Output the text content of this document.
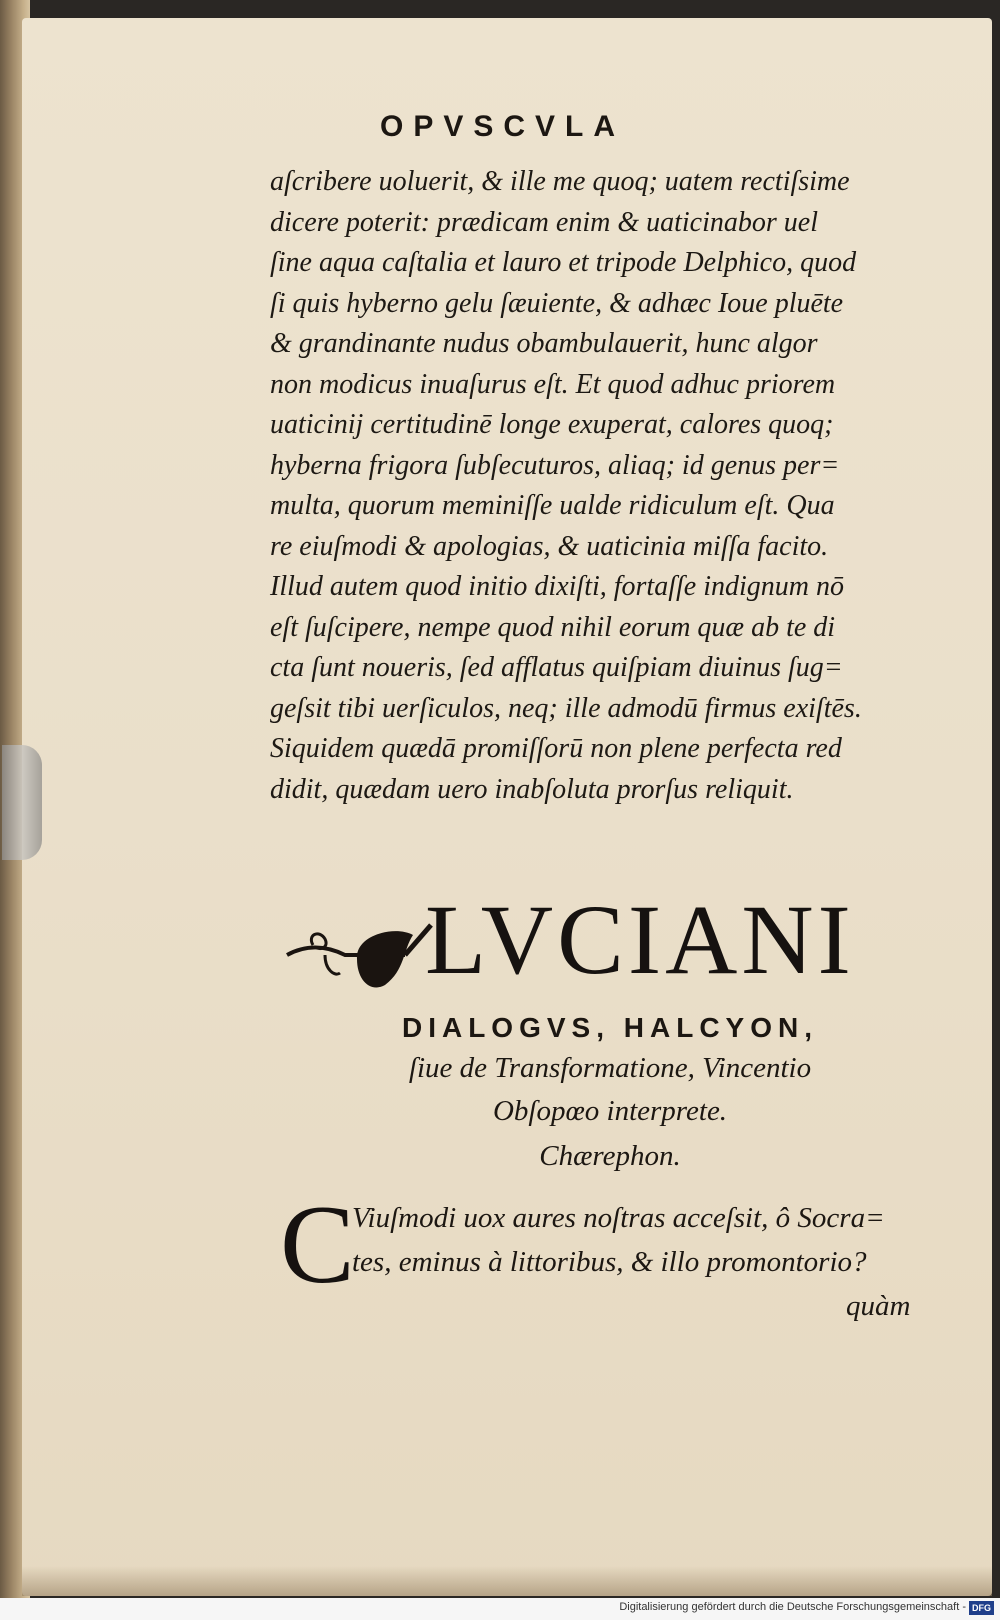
OPVSCVLA
aſcribere uoluerit, & ille me quoq; uatem rectiſsime
dicere poterit: prædicam enim & uaticinabor uel
ſine aqua caſtalia et lauro et tripode Delphico, quod
ſi quis hyberno gelu ſæuiente, & adhæc Ioue pluēte
& grandinante nudus obambulauerit, hunc algor
non modicus inuaſurus eſt. Et quod adhuc priorem
uaticinij certitudinē longe exuperat, calores quoq;
hyberna frigora ſubſecuturos, aliaq; id genus per=
multa, quorum meminiſſe ualde ridiculum eſt. Qua
re eiuſmodi & apologias, & uaticinia miſſa facito.
Illud autem quod initio dixiſti, fortaſſe indignum nō
eſt ſuſcipere, nempe quod nihil eorum quæ ab te di
cta ſunt noueris, ſed afflatus quiſpiam diuinus ſug=
geſsit tibi uerſiculos, neq; ille admodū firmus exiſtēs.
Siquidem quædā promiſſorū non plene perfecta red
didit, quædam uero inabſoluta prorſus reliquit.
LVCIANI
DIALOGVS, HALCYON,
ſiue de Transformatione, Vincentio
Obſopœo interprete.
Chærephon.
C
Viuſmodi uox aures noſtras acceſsit, ô Socra=
tes, eminus à littoribus, & illo promontorio?
quàm
Digitalisierung gefördert durch die Deutsche Forschungsgemeinschaft - DFG
